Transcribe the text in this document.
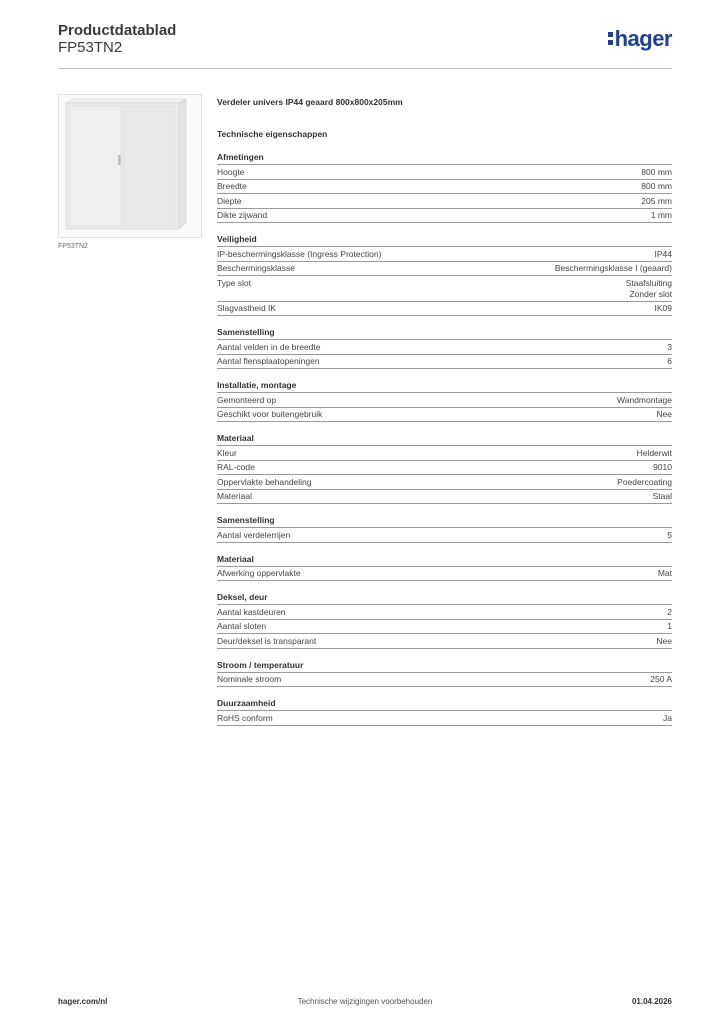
Productdatablad
FP53TN2	hager
FP53TN2
Verdeler univers IP44 geaard 800x800x205mm
Technische eigenschappen
Afmetingen
Hoogte	800 mm
Breedte	800 mm
Diepte	205 mm
Dikte zijwand	1 mm
Veiligheid
IP-beschermingsklasse (Ingress Protection)	IP44
Beschermingsklasse	Beschermingsklasse I (geaard)
Type slot	Staafsluiting
Zonder slot
Slagvastheid IK	IK09
Samenstelling
Aantal velden in de breedte	3
Aantal flensplaatopeningen	6
Installatie, montage
Gemonteerd op	Wandmontage
Geschikt voor buitengebruik	Nee
Materiaal
Kleur	Helderwit
RAL-code	9010
Oppervlakte behandeling	Poedercoating
Materiaal	Staal
Samenstelling
Aantal verdelerrijen	5
Materiaal
Afwerking oppervlakte	Mat
Deksel, deur
Aantal kastdeuren	2
Aantal sloten	1
Deur/deksel is transparant	Nee
Stroom / temperatuur
Nominale stroom	250 A
Duurzaamheid
RoHS conform	Ja
hager.com/nl	Technische wijzigingen voorbehouden	01.04.2026
